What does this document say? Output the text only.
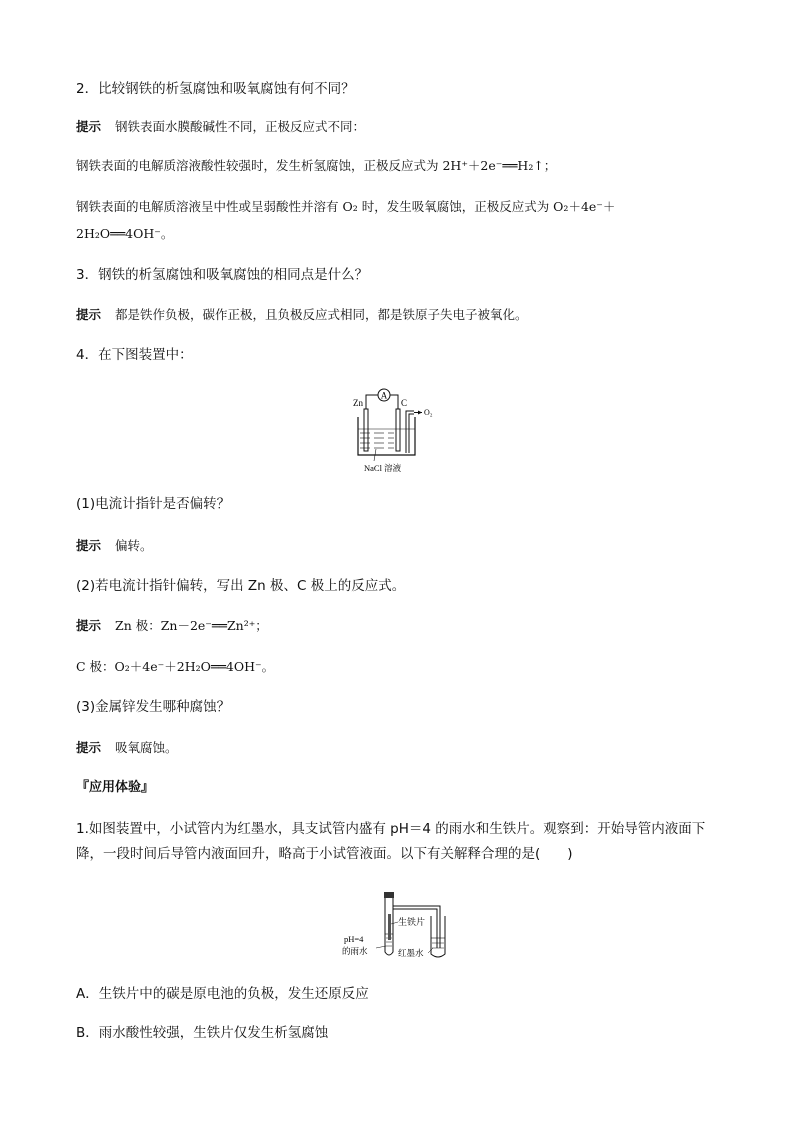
2．比较钢铁的析氢腐蚀和吸氧腐蚀有何不同？
提示 钢铁表面水膜酸碱性不同，正极反应式不同：
钢铁表面的电解质溶液酸性较强时，发生析氢腐蚀，正极反应式为 2H⁺＋2e⁻══H₂↑；
钢铁表面的电解质溶液呈中性或呈弱酸性并溶有 O₂ 时，发生吸氧腐蚀，正极反应式为 O₂＋4e⁻＋
2H₂O══4OH⁻。
3．钢铁的析氢腐蚀和吸氧腐蚀的相同点是什么？
提示 都是铁作负极，碳作正极，且负极反应式相同，都是铁原子失电子被氧化。
4．在下图装置中：
A
Zn	C
O₂
NaCl 溶液
(1)电流计指针是否偏转？
提示 偏转。
(2)若电流计指针偏转，写出 Zn 极、C 极上的反应式。
提示 Zn 极：Zn－2e⁻══Zn²⁺；
C 极：O₂＋4e⁻＋2H₂O══4OH⁻。
(3)金属锌发生哪种腐蚀？
提示 吸氧腐蚀。
『应用体验』
1.如图装置中，小试管内为红墨水，具支试管内盛有 pH＝4 的雨水和生铁片。观察到：开始导管内液面下降，一段时间后导管内液面回升，略高于小试管液面。以下有关解释合理的是(　　)
生铁片
pH=4
的雨水	红墨水
A．生铁片中的碳是原电池的负极，发生还原反应
B．雨水酸性较强，生铁片仅发生析氢腐蚀
